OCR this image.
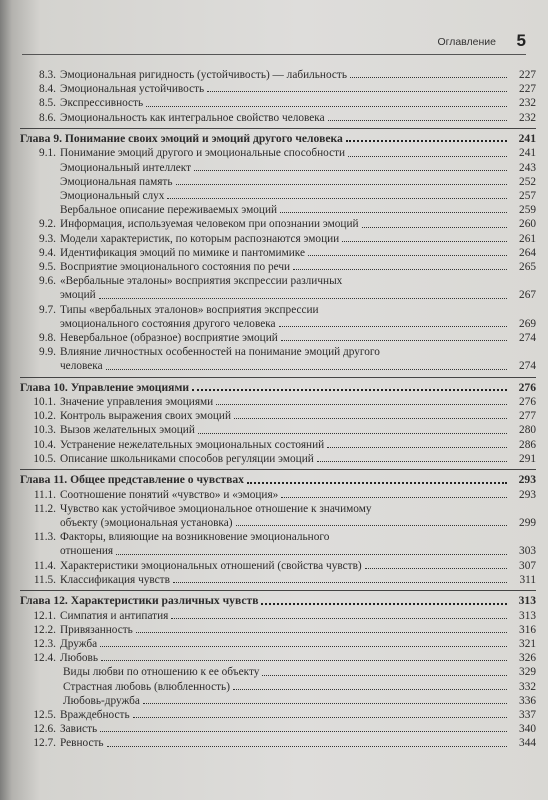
Оглавление 5
8.3. Эмоциональная ригидность (устойчивость) — лабильность	227
8.4. Эмоциональная устойчивость	227
8.5. Экспрессивность	232
8.6. Эмоциональность как интегральное свойство человека	232
Глава 9. Понимание своих эмоций и эмоций другого человека	241
9.1. Понимание эмоций другого и эмоциональные способности	241
Эмоциональный интеллект	243
Эмоциональная память	252
Эмоциональный слух	257
Вербальное описание переживаемых эмоций	259
9.2. Информация, используемая человеком при опознании эмоций	260
9.3. Модели характеристик, по которым распознаются эмоции	261
9.4. Идентификация эмоций по мимике и пантомимике	264
9.5. Восприятие эмоционального состояния по речи	265
9.6. «Вербальные эталоны» восприятия экспрессии различных
эмоций	267
9.7. Типы «вербальных эталонов» восприятия экспрессии
эмоционального состояния другого человека	269
9.8. Невербальное (образное) восприятие эмоций	274
9.9. Влияние личностных особенностей на понимание эмоций другого
человека	274
Глава 10. Управление эмоциями	276
10.1. Значение управления эмоциями	276
10.2. Контроль выражения своих эмоций	277
10.3. Вызов желательных эмоций	280
10.4. Устранение нежелательных эмоциональных состояний	286
10.5. Описание школьниками способов регуляции эмоций	291
Глава 11. Общее представление о чувствах	293
11.1. Соотношение понятий «чувство» и «эмоция»	293
11.2. Чувство как устойчивое эмоциональное отношение к значимому
объекту (эмоциональная установка)	299
11.3. Факторы, влияющие на возникновение эмоционального
отношения	303
11.4. Характеристики эмоциональных отношений (свойства чувств)	307
11.5. Классификация чувств	311
Глава 12. Характеристики различных чувств	313
12.1. Симпатия и антипатия	313
12.2. Привязанность	316
12.3. Дружба	321
12.4. Любовь	326
Виды любви по отношению к ее объекту	329
Страстная любовь (влюбленность)	332
Любовь-дружба	336
12.5. Враждебность	337
12.6. Зависть	340
12.7. Ревность	344
